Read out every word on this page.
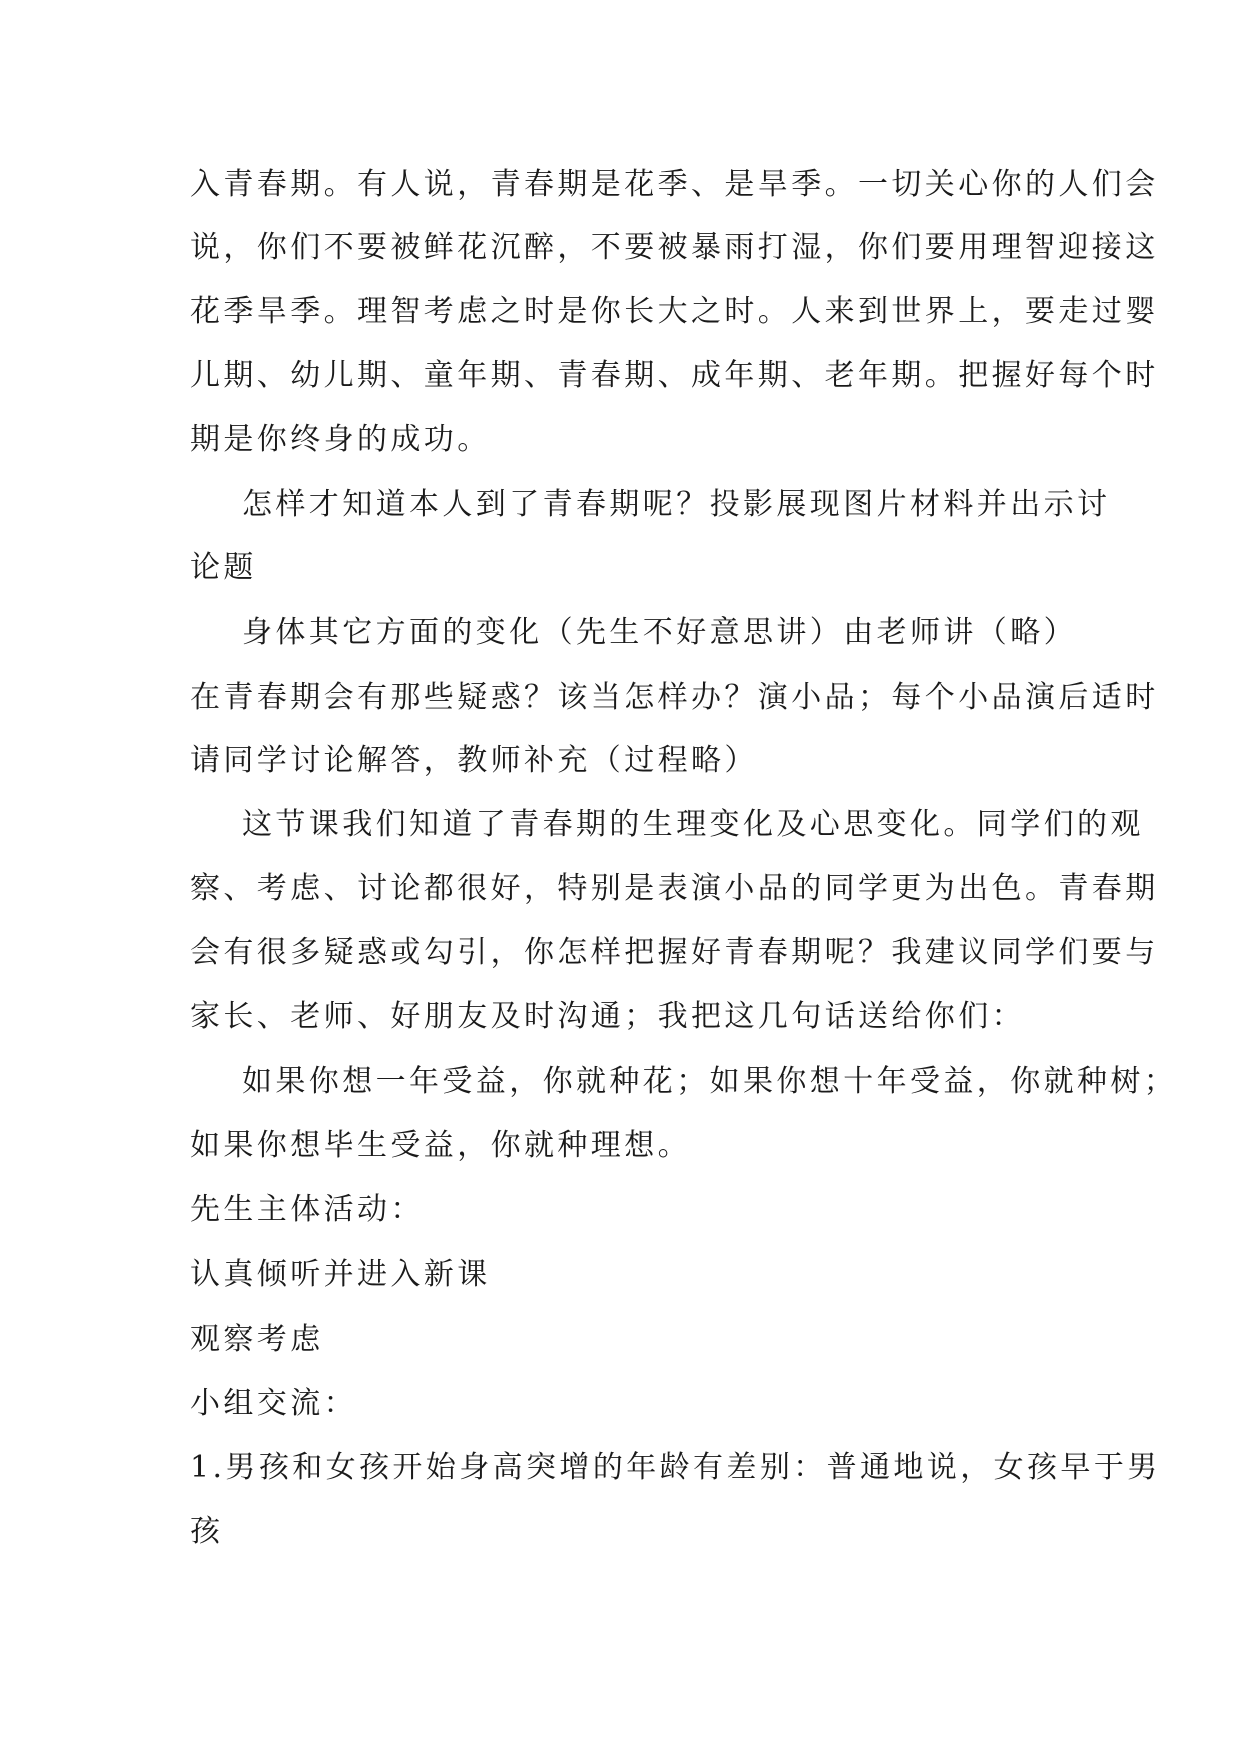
入青春期。有人说，青春期是花季、是旱季。一切关心你的人们会
说，你们不要被鲜花沉醉，不要被暴雨打湿，你们要用理智迎接这
花季旱季。理智考虑之时是你长大之时。人来到世界上，要走过婴
儿期、幼儿期、童年期、青春期、成年期、老年期。把握好每个时
期是你终身的成功。
怎样才知道本人到了青春期呢？投影展现图片材料并出示讨
论题
身体其它方面的变化（先生不好意思讲）由老师讲（略）
在青春期会有那些疑惑？该当怎样办？演小品；每个小品演后适时
请同学讨论解答，教师补充（过程略）
这节课我们知道了青春期的生理变化及心思变化。同学们的观
察、考虑、讨论都很好，特别是表演小品的同学更为出色。青春期
会有很多疑惑或勾引，你怎样把握好青春期呢？我建议同学们要与
家长、老师、好朋友及时沟通；我把这几句话送给你们：
如果你想一年受益，你就种花；如果你想十年受益，你就种树；
如果你想毕生受益，你就种理想。
先生主体活动：
认真倾听并进入新课
观察考虑
小组交流：
1.男孩和女孩开始身高突增的年龄有差别：普通地说，女孩早于男
孩
